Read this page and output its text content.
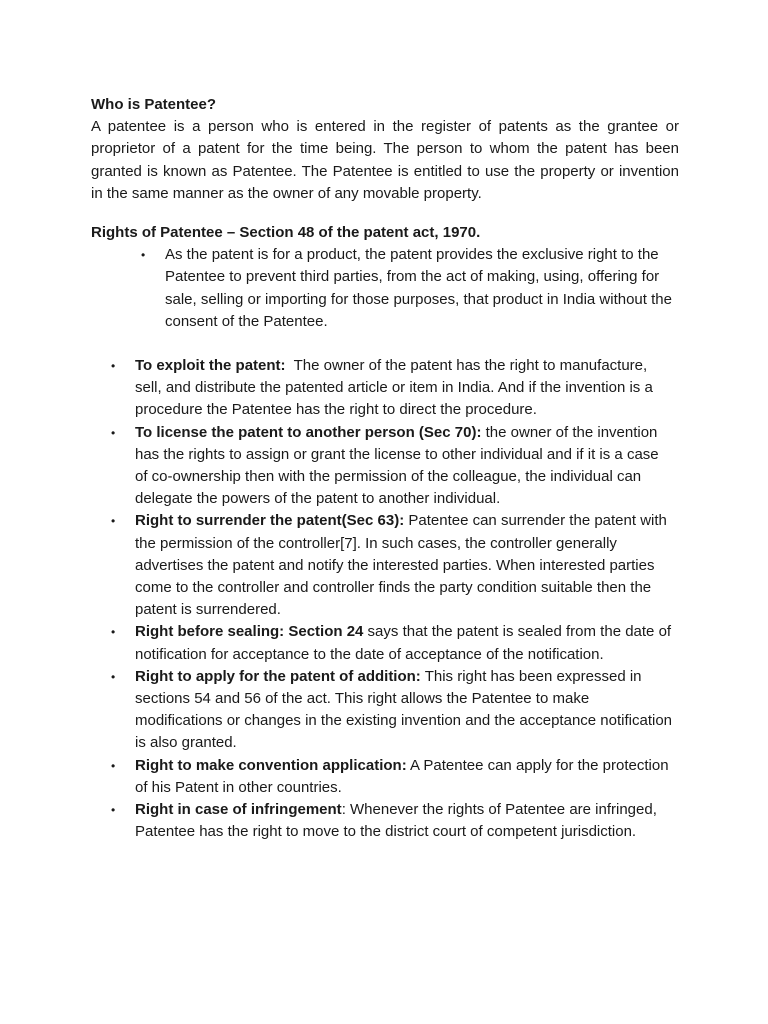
Who is Patentee?

A patentee is a person who is entered in the register of patents as the grantee or proprietor of a patent for the time being. The person to whom the patent has been granted is known as Patentee. The Patentee is entitled to use the property or invention in the same manner as the owner of any movable property.

Rights of Patentee – Section 48 of the patent act, 1970.
• As the patent is for a product, the patent provides the exclusive right to the Patentee to prevent third parties, from the act of making, using, offering for sale, selling or importing for those purposes, that product in India without the consent of the Patentee.
• To exploit the patent:  The owner of the patent has the right to manufacture, sell, and distribute the patented article or item in India. And if the invention is a procedure the Patentee has the right to direct the procedure.
• To license the patent to another person (Sec 70): the owner of the invention has the rights to assign or grant the license to other individual and if it is a case of co-ownership then with the permission of the colleague, the individual can delegate the powers of the patent to another individual.
• Right to surrender the patent(Sec 63): Patentee can surrender the patent with the permission of the controller[7]. In such cases, the controller generally advertises the patent and notify the interested parties. When interested parties come to the controller and controller finds the party condition suitable then the patent is surrendered.
• Right before sealing: Section 24 says that the patent is sealed from the date of notification for acceptance to the date of acceptance of the notification.
• Right to apply for the patent of addition: This right has been expressed in sections 54 and 56 of the act. This right allows the Patentee to make modifications or changes in the existing invention and the acceptance notification is also granted.
• Right to make convention application: A Patentee can apply for the protection of his Patent in other countries.
• Right in case of infringement: Whenever the rights of Patentee are infringed, Patentee has the right to move to the district court of competent jurisdiction.
